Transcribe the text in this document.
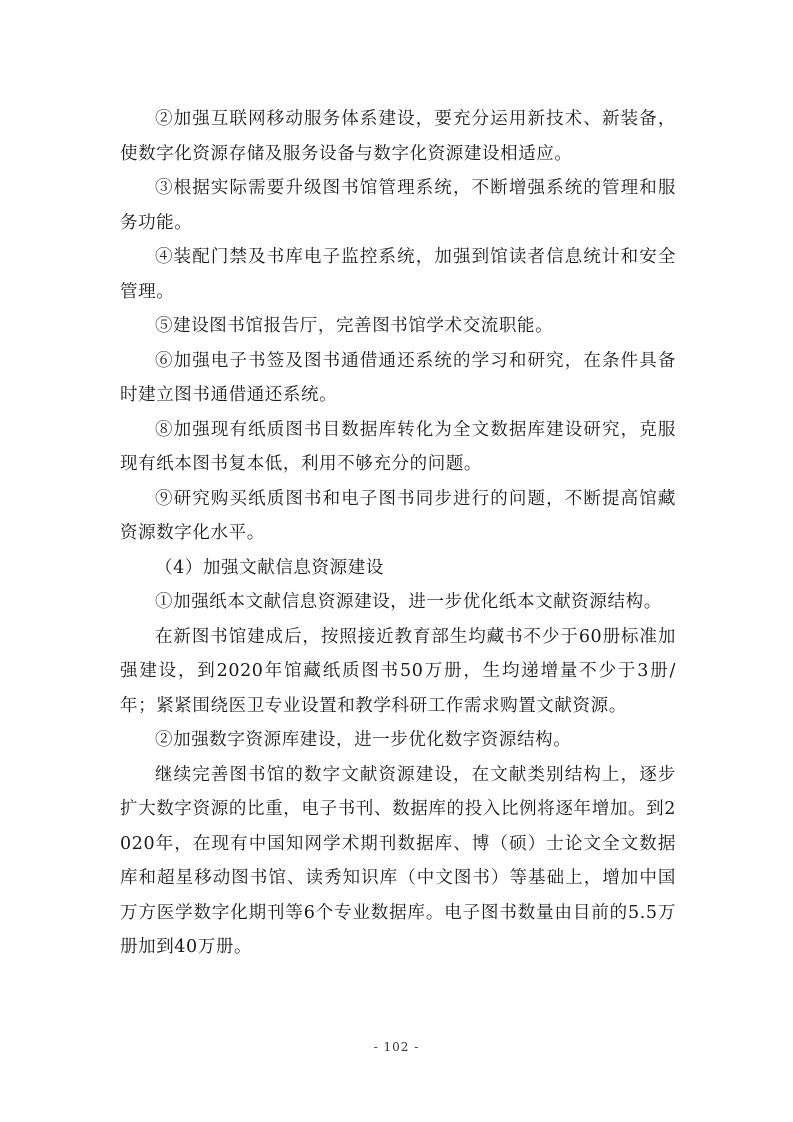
②加强互联网移动服务体系建设，要充分运用新技术、新装备，使数字化资源存储及服务设备与数字化资源建设相适应。

③根据实际需要升级图书馆管理系统，不断增强系统的管理和服务功能。

④装配门禁及书库电子监控系统，加强到馆读者信息统计和安全管理。

⑤建设图书馆报告厅，完善图书馆学术交流职能。

⑥加强电子书签及图书通借通还系统的学习和研究，在条件具备时建立图书通借通还系统。

⑧加强现有纸质图书目数据库转化为全文数据库建设研究，克服现有纸本图书复本低，利用不够充分的问题。

⑨研究购买纸质图书和电子图书同步进行的问题，不断提高馆藏资源数字化水平。

（4）加强文献信息资源建设

①加强纸本文献信息资源建设，进一步优化纸本文献资源结构。

在新图书馆建成后，按照接近教育部生均藏书不少于60册标准加强建设，到2020年馆藏纸质图书50万册，生均递增量不少于3册/年；紧紧围绕医卫专业设置和教学科研工作需求购置文献资源。

②加强数字资源库建设，进一步优化数字资源结构。

继续完善图书馆的数字文献资源建设，在文献类别结构上，逐步扩大数字资源的比重，电子书刊、数据库的投入比例将逐年增加。到2020年，在现有中国知网学术期刊数据库、博（硕）士论文全文数据库和超星移动图书馆、读秀知识库（中文图书）等基础上，增加中国万方医学数字化期刊等6个专业数据库。电子图书数量由目前的5.5万册加到40万册。

- 102 -
